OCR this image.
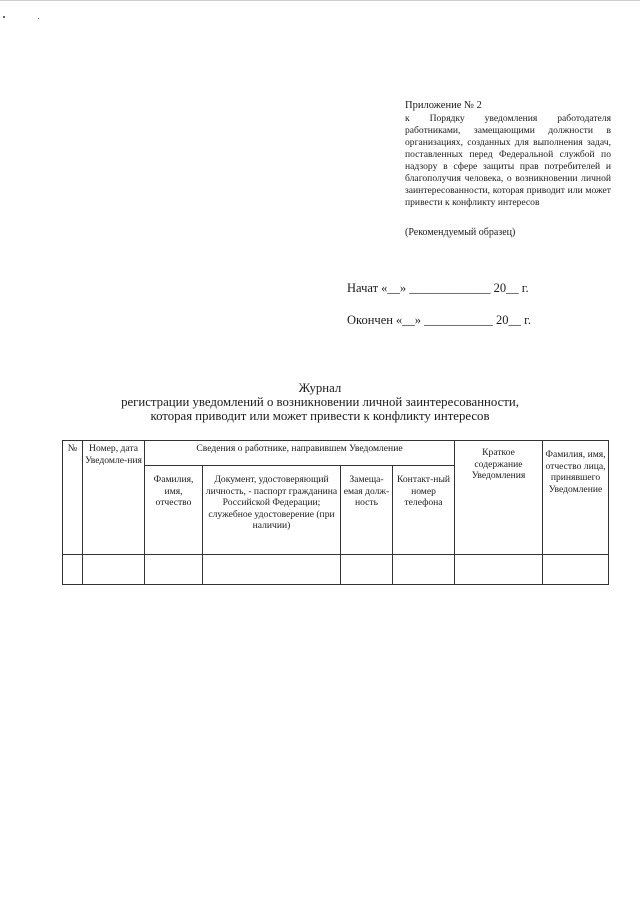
Приложение № 2
к Порядку уведомления работодателя работниками, замещающими должности в организациях, созданных для выполнения задач, поставленных перед Федеральной службой по надзору в сфере защиты прав потребителей и благополучия человека, о возникновении личной заинтересованности, которая приводит или может привести к конфликту интересов
(Рекомендуемый образец)
Начат «__» _____________ 20__ г.
Окончен «__» ___________ 20__ г.
Журнал
регистрации уведомлений о возникновении личной заинтересованности,
которая приводит или может привести к конфликту интересов
№	Номер, дата Уведомле-ния	Сведения о работнике, направившем Уведомление				Краткое содержание Уведомления	Фамилия, имя, отчество лица, принявшего Уведомление
		Фамилия, имя, отчество	Документ, удостоверяющий личность, - паспорт гражданина Российской Федерации; служебное удостоверение (при наличии)	Замеща-емая долж-ность	Контакт-ный номер телефона		
